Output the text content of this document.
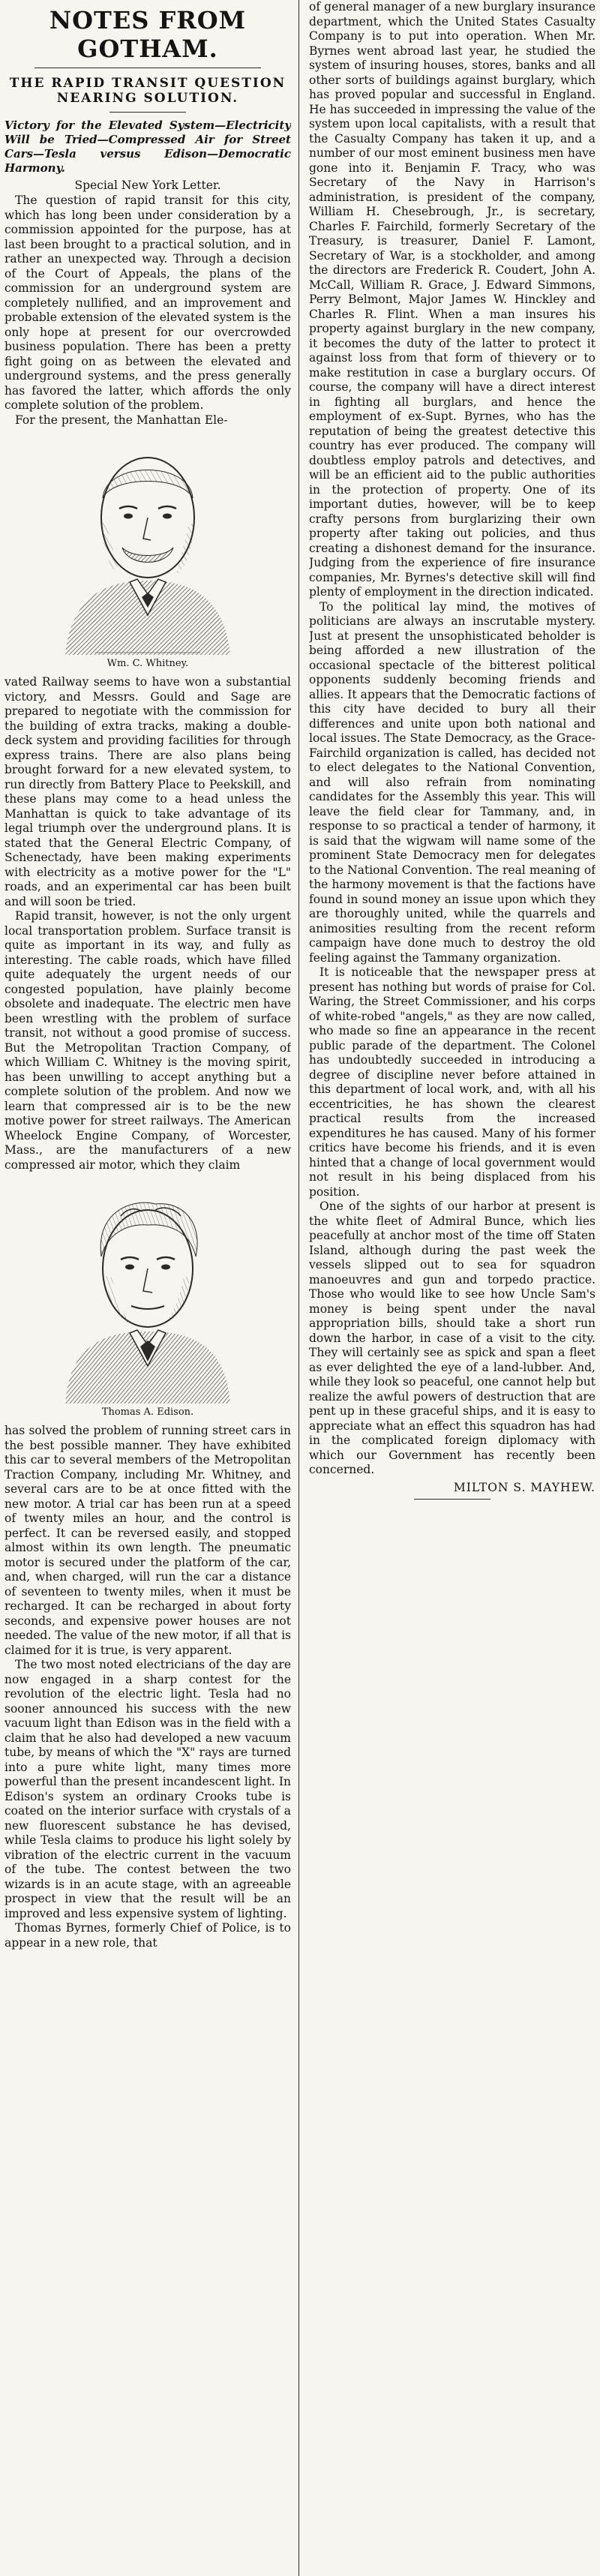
NOTES FROM GOTHAM.
THE RAPID TRANSIT QUESTION NEARING SOLUTION.
Victory for the Elevated System—Electricity Will be Tried—Compressed Air for Street Cars—Tesla versus Edison—Democratic Harmony.
Special New York Letter.

The question of rapid transit for this city, which has long been under consideration by a commission appointed for the purpose, has at last been brought to a practical solution, and in rather an unexpected way. Through a decision of the Court of Appeals, the plans of the commission for an underground system are completely nullified, and an improvement and probable extension of the elevated system is the only hope at present for our overcrowded business population. There has been a pretty fight going on as between the elevated and underground systems, and the press generally has favored the latter, which affords the only complete solution of the problem.

For the present, the Manhattan Ele-

Wm. C. Whitney.

vated Railway seems to have won a substantial victory, and Messrs. Gould and Sage are prepared to negotiate with the commission for the building of extra tracks, making a double-deck system and providing facilities for through express trains. There are also plans being brought forward for a new elevated system, to run directly from Battery Place to Peekskill, and these plans may come to a head unless the Manhattan is quick to take advantage of its legal triumph over the underground plans. It is stated that the General Electric Company, of Schenectady, have been making experiments with electricity as a motive power for the "L" roads, and an experimental car has been built and will soon be tried.

Rapid transit, however, is not the only urgent local transportation problem. Surface transit is quite as important in its way, and fully as interesting. The cable roads, which have filled quite adequately the urgent needs of our congested population, have plainly become obsolete and inadequate. The electric men have been wrestling with the problem of surface transit, not without a good promise of success. But the Metropolitan Traction Company, of which William C. Whitney is the moving spirit, has been unwilling to accept anything but a complete solution of the problem. And now we learn that compressed air is to be the new motive power for street railways. The American Wheelock Engine Company, of Worcester, Mass., are the manufacturers of a new compressed air motor, which they claim

Thomas A. Edison.

has solved the problem of running street cars in the best possible manner. They have exhibited this car to several members of the Metropolitan Traction Company, including Mr. Whitney, and several cars are to be at once fitted with the new motor. A trial car has been run at a speed of twenty miles an hour, and the control is perfect. It can be reversed easily, and stopped almost within its own length. The pneumatic motor is secured under the platform of the car, and, when charged, will run the car a distance of seventeen to twenty miles, when it must be recharged. It can be recharged in about forty seconds, and expensive power houses are not needed. The value of the new motor, if all that is claimed for it is true, is very apparent.

The two most noted electricians of the day are now engaged in a sharp contest for the revolution of the electric light. Tesla had no sooner announced his success with the new vacuum light than Edison was in the field with a claim that he also had developed a new vacuum tube, by means of which the "X" rays are turned into a pure white light, many times more powerful than the present incandescent light. In Edison's system an ordinary Crooks tube is coated on the interior surface with crystals of a new fluorescent substance he has devised, while Tesla claims to produce his light solely by vibration of the electric current in the vacuum of the tube. The contest between the two wizards is in an acute stage, with an agreeable prospect in view that the result will be an improved and less expensive system of lighting.

Thomas Byrnes, formerly Chief of Police, is to appear in a new role, that

of general manager of a new burglary insurance department, which the United States Casualty Company is to put into operation. When Mr. Byrnes went abroad last year, he studied the system of insuring houses, stores, banks and all other sorts of buildings against burglary, which has proved popular and successful in England. He has succeeded in impressing the value of the system upon local capitalists, with a result that the Casualty Company has taken it up, and a number of our most eminent business men have gone into it. Benjamin F. Tracy, who was Secretary of the Navy in Harrison's administration, is president of the company, William H. Chesebrough, Jr., is secretary, Charles F. Fairchild, formerly Secretary of the Treasury, is treasurer, Daniel F. Lamont, Secretary of War, is a stockholder, and among the directors are Frederick R. Coudert, John A. McCall, William R. Grace, J. Edward Simmons, Perry Belmont, Major James W. Hinckley and Charles R. Flint. When a man insures his property against burglary in the new company, it becomes the duty of the latter to protect it against loss from that form of thievery or to make restitution in case a burglary occurs. Of course, the company will have a direct interest in fighting all burglars, and hence the employment of ex-Supt. Byrnes, who has the reputation of being the greatest detective this country has ever produced. The company will doubtless employ patrols and detectives, and will be an efficient aid to the public authorities in the protection of property. One of its important duties, however, will be to keep crafty persons from burglarizing their own property after taking out policies, and thus creating a dishonest demand for the insurance. Judging from the experience of fire insurance companies, Mr. Byrnes's detective skill will find plenty of employment in the direction indicated.

To the political lay mind, the motives of politicians are always an inscrutable mystery. Just at present the unsophisticated beholder is being afforded a new illustration of the occasional spectacle of the bitterest political opponents suddenly becoming friends and allies. It appears that the Democratic factions of this city have decided to bury all their differences and unite upon both national and local issues. The State Democracy, as the Grace-Fairchild organization is called, has decided not to elect delegates to the National Convention, and will also refrain from nominating candidates for the Assembly this year. This will leave the field clear for Tammany, and, in response to so practical a tender of harmony, it is said that the wigwam will name some of the prominent State Democracy men for delegates to the National Convention. The real meaning of the harmony movement is that the factions have found in sound money an issue upon which they are thoroughly united, while the quarrels and animosities resulting from the recent reform campaign have done much to destroy the old feeling against the Tammany organization.

It is noticeable that the newspaper press at present has nothing but words of praise for Col. Waring, the Street Commissioner, and his corps of white-robed "angels," as they are now called, who made so fine an appearance in the recent public parade of the department. The Colonel has undoubtedly succeeded in introducing a degree of discipline never before attained in this department of local work, and, with all his eccentricities, he has shown the clearest practical results from the increased expenditures he has caused. Many of his former critics have become his friends, and it is even hinted that a change of local government would not result in his being displaced from his position.

One of the sights of our harbor at present is the white fleet of Admiral Bunce, which lies peacefully at anchor most of the time off Staten Island, although during the past week the vessels slipped out to sea for squadron manoeuvres and gun and torpedo practice. Those who would like to see how Uncle Sam's money is being spent under the naval appropriation bills, should take a short run down the harbor, in case of a visit to the city. They will certainly see as spick and span a fleet as ever delighted the eye of a land-lubber. And, while they look so peaceful, one cannot help but realize the awful powers of destruction that are pent up in these graceful ships, and it is easy to appreciate what an effect this squadron has had in the complicated foreign diplomacy with which our Government has recently been concerned.

MILTON S. MAYHEW.
